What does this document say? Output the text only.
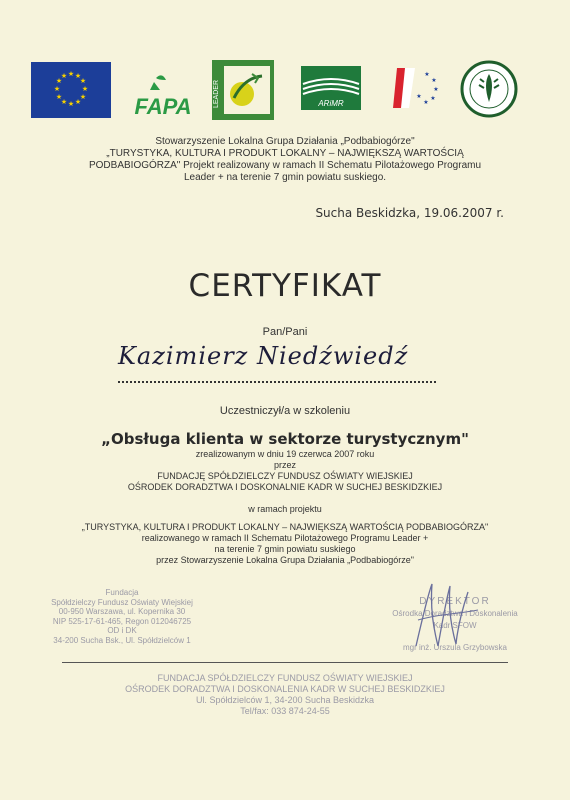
★ ★
★
★
★
★
★
★
★
★
★
★
FAPA	LEADER	ARiMR
★
★
★
★
★
★
Stowarzyszenie Lokalna Grupa Działania „Podbabiogórze"
„TURYSTYKA, KULTURA I PRODUKT LOKALNY – NAJWIĘKSZĄ WARTOŚCIĄ
PODBABIOGÓRZA" Projekt realizowany w ramach II Schematu Pilotażowego Programu
Leader + na terenie 7 gmin powiatu suskiego.
Sucha Beskidzka, 19.06.2007 r.
CERTYFIKAT
Pan/Pani
Kazimierz Niedźwiedź
Uczestniczył/a w szkoleniu
„Obsługa klienta w sektorze turystycznym"
zrealizowanym w dniu 19 czerwca 2007 roku
przez
FUNDACJĘ SPÓŁDZIELCZY FUNDUSZ OŚWIATY WIEJSKIEJ
OŚRODEK DORADZTWA I DOSKONALNIE KADR W SUCHEJ BESKIDZKIEJ
w ramach projektu
„TURYSTYKA, KULTURA I PRODUKT LOKALNY – NAJWIĘKSZĄ WARTOŚCIĄ PODBABIOGÓRZA"
realizowanego w ramach II Schematu Pilotażowego Programu Leader +
na terenie 7 gmin powiatu suskiego
przez Stowarzyszenie Lokalna Grupa Działania „Podbabiogórze"
Fundacja
Spółdzielczy Fundusz Oświaty Wiejskiej
00-950 Warszawa, ul. Kopernika 30
NIP 525-17-61-465, Regon 012046725
OD i DK
34-200 Sucha Bsk., Ul. Spółdzielców 1
DYREKTOR
Ośrodka Doradztwa i Doskonalenia Kadr SFOW
mgr inż. Urszula Grzybowska
FUNDACJA SPÓŁDZIELCZY FUNDUSZ OŚWIATY WIEJSKIEJ
OŚRODEK DORADZTWA I DOSKONALENIA KADR W SUCHEJ BESKIDZKIEJ
Ul. Spółdzielców 1, 34-200 Sucha Beskidzka
Tel/fax: 033 874-24-55
